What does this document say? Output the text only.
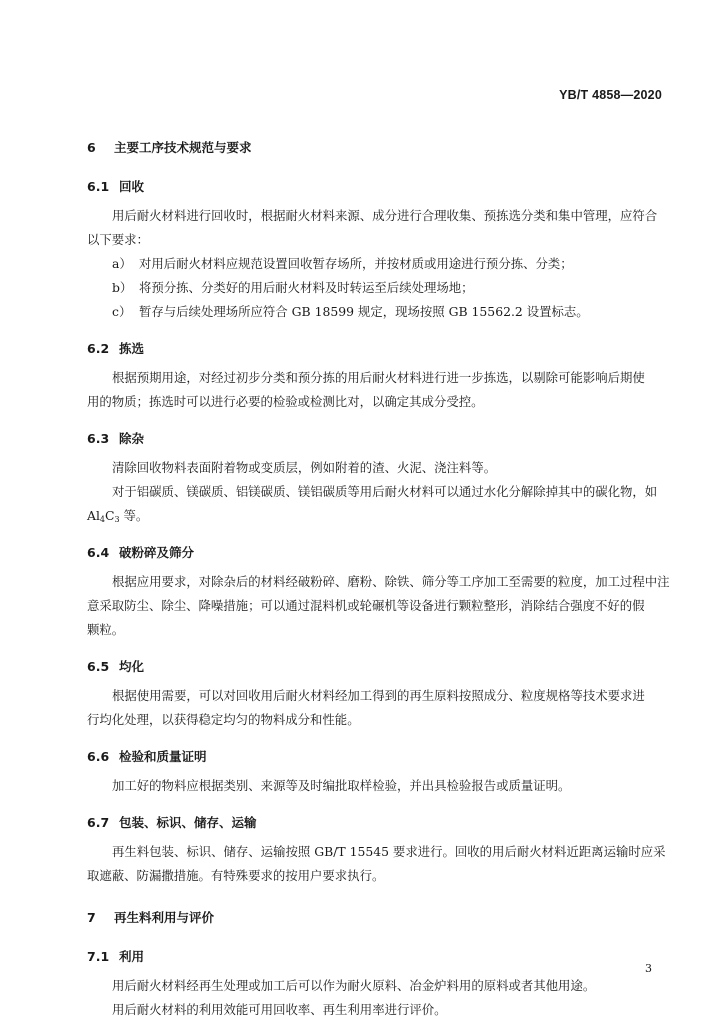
YB/T 4858—2020
6	主要工序技术规范与要求
6.1 回收
用后耐火材料进行回收时，根据耐火材料来源、成分进行合理收集、预拣选分类和集中管理，应符合
以下要求：
a） 对用后耐火材料应规范设置回收暂存场所，并按材质或用途进行预分拣、分类；
b） 将预分拣、分类好的用后耐火材料及时转运至后续处理场地；
c） 暂存与后续处理场所应符合 GB 18599 规定，现场按照 GB 15562.2 设置标志。
6.2 拣选
根据预期用途，对经过初步分类和预分拣的用后耐火材料进行进一步拣选，以剔除可能影响后期使
用的物质；拣选时可以进行必要的检验或检测比对，以确定其成分受控。
6.3 除杂
清除回收物料表面附着物或变质层，例如附着的渣、火泥、浇注料等。
对于铝碳质、镁碳质、铝镁碳质、镁铝碳质等用后耐火材料可以通过水化分解除掉其中的碳化物，如
$Al_4C_3$ 等。
6.4 破粉碎及筛分
根据应用要求，对除杂后的材料经破粉碎、磨粉、除铁、筛分等工序加工至需要的粒度，加工过程中注
意采取防尘、除尘、降噪措施；可以通过混料机或轮碾机等设备进行颗粒整形，消除结合强度不好的假
颗粒。
6.5 均化
根据使用需要，可以对回收用后耐火材料经加工得到的再生原料按照成分、粒度规格等技术要求进
行均化处理，以获得稳定均匀的物料成分和性能。
6.6 检验和质量证明
加工好的物料应根据类别、来源等及时编批取样检验，并出具检验报告或质量证明。
6.7 包装、标识、储存、运输
再生料包装、标识、储存、运输按照 GB/T 15545 要求进行。回收的用后耐火材料近距离运输时应采
取遮蔽、防漏撒措施。有特殊要求的按用户要求执行。
7	再生料利用与评价
7.1 利用
用后耐火材料经再生处理或加工后可以作为耐火原料、冶金炉料用的原料或者其他用途。
用后耐火材料的利用效能可用回收率、再生利用率进行评价。
3
